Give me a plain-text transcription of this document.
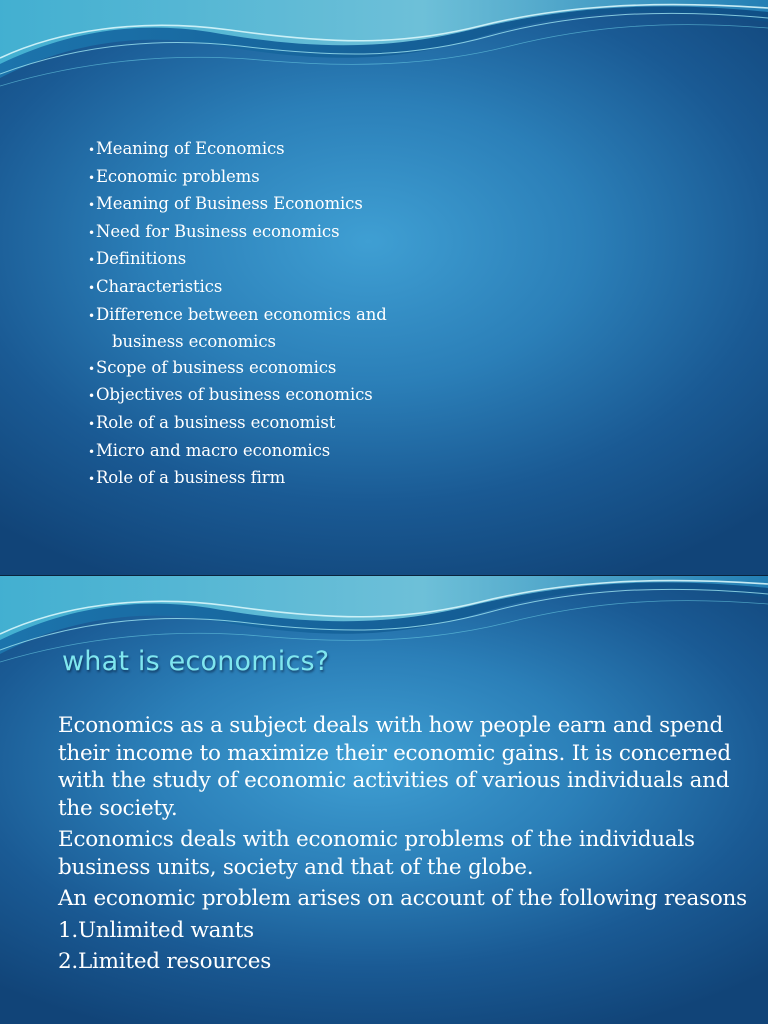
•Meaning of Economics
•Economic problems
•Meaning of Business Economics
•Need for Business economics
•Definitions
•Characteristics
•Difference between economics and
business economics
•Scope of business economics
•Objectives of business economics
•Role of a business economist
•Micro and macro economics
•Role of a business firm
what is economics?

Economics as a subject deals with how people earn and spend their income to maximize their economic gains. It is concerned with the study of economic activities of various individuals and the society.

Economics deals with economic problems of the individuals business units, society and that of the globe.

An economic problem arises on account of the following reasons

1.Unlimited wants

2.Limited resources
